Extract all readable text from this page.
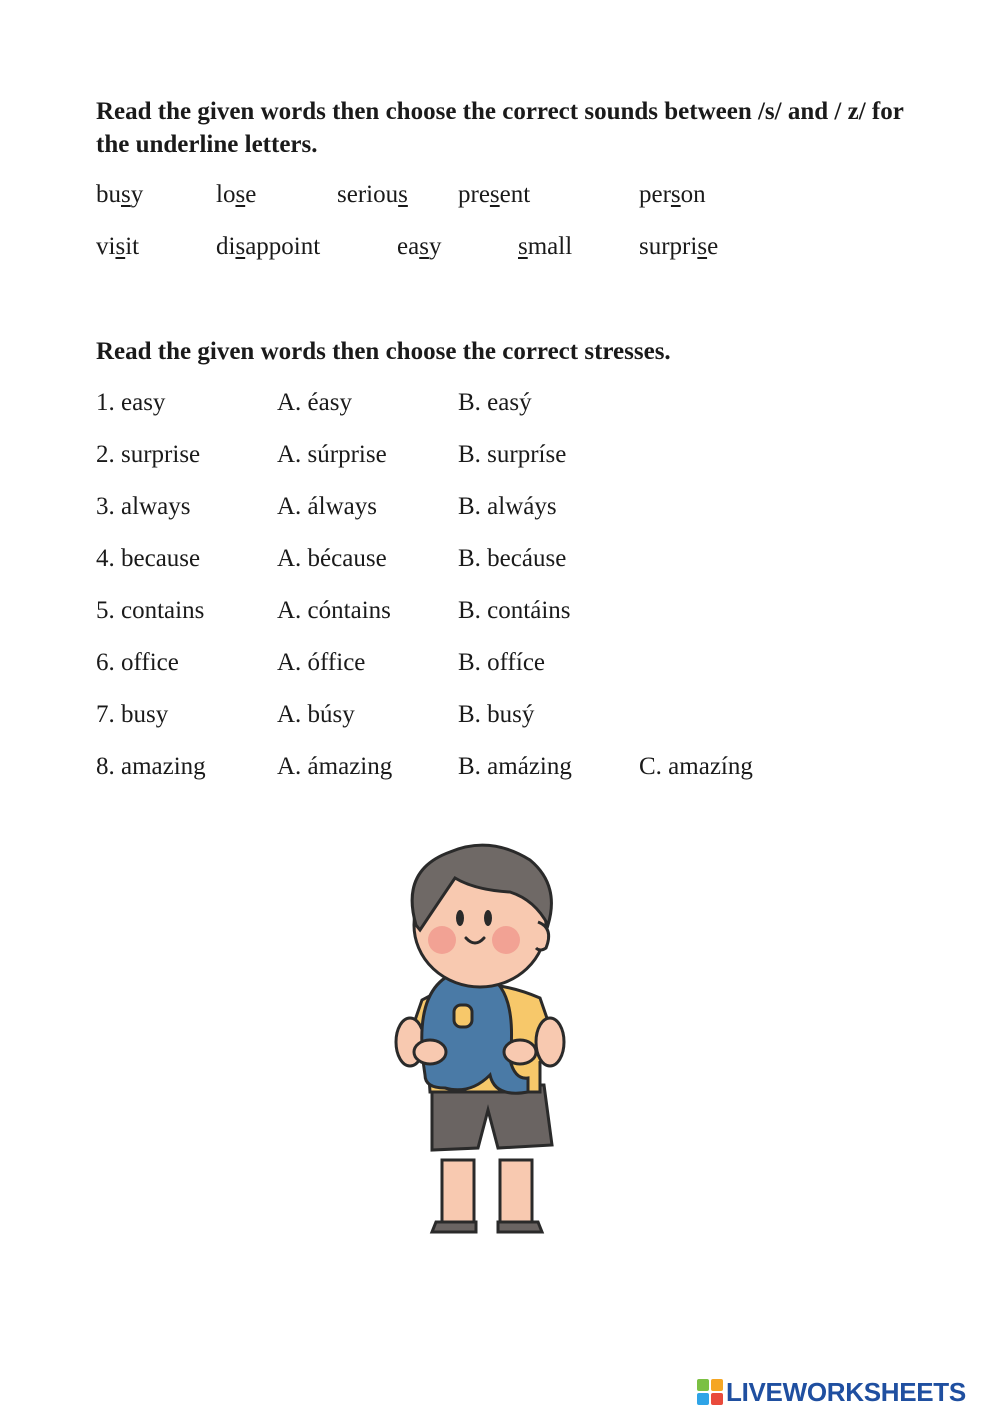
Read the given words then choose the correct sounds between /s/ and / z/ for the underline letters.

busy	lose	serious present	person
visit	disappoint	easy	small	surprise

Read the given words then choose the correct stresses.

1. easy	A. éasy	B. easý
2. surprise	A. súrprise	B. surpríse
3. always	A. álways	B. alwáys
4. because	A. bécause	B. becáuse
5. contains	A. cóntains	B. contáins
6. office	A. óffice	B. offíce
7. busy	A. búsy	B. busý
8. amazing	A. ámazing	B. amázing	C. amazíng
LIVEWORKSHEETS
